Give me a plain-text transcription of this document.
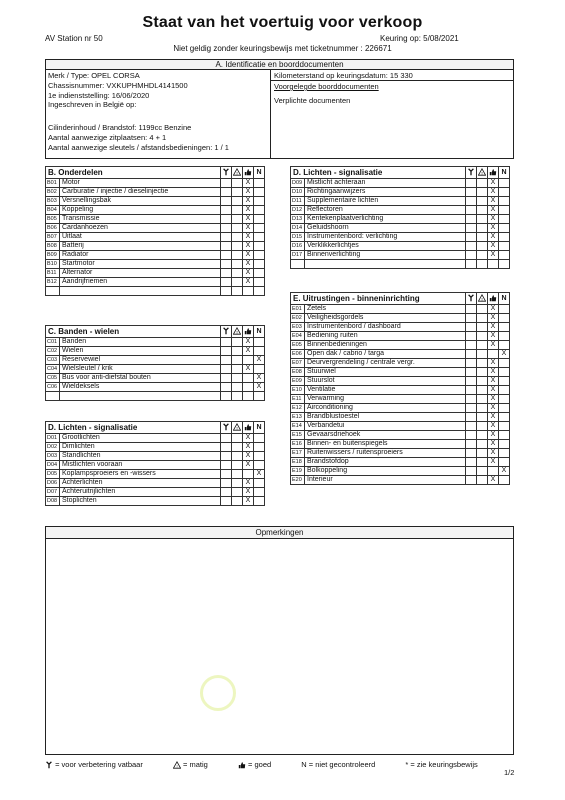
Staat van het voertuig voor verkoop
AV Station nr 50	Keuring op: 5/08/2021
Niet geldig zonder keuringsbewijs met ticketnummer : 226671
A. Identificatie en boorddocumenten
Merk / Type: OPEL CORSA
Chassisnummer: VXKUPHMHDL4141500
1e indienststelling: 16/06/2020
Ingeschreven in België op:
Cilinderinhoud / Brandstof: 1199cc Benzine
Aantal aanwezige zitplaatsen: 4 + 1
Aantal aanwezige sleutels / afstandsbedieningen: 1 / 1
Kilometerstand op keuringsdatum: 15 330
Voorgelegde boorddocumenten
Verplichte documenten
B. Onderdelen			!		N
B01	Motor			X	
B02	Carburatie / injectie / dieselinjectie			X	
B03	Versnellingsbak			X	
B04	Koppeling			X	
B05	Transmissie			X	
B06	Cardanhoezen			X	
B07	Uitlaat			X	
B08	Batterij			X	
B09	Radiator			X	
B10	Startmotor			X	
B11	Alternator			X	
B12	Aandrijfriemen			X	

C. Banden - wielen			!		N
C01	Banden			X	
C02	Wielen			X	
C03	Reservewiel				X
C04	Wielsleutel / krik			X	
C05	Bus voor anti-diefstal bouten				X
C06	Wieldeksels				X

D. Lichten - signalisatie			!		N
D01	Grootlichten			X	
D02	Dimlichten			X	
D03	Standlichten			X	
D04	Mistlichten vooraan			X	
D05	Koplampsproeiers en -wissers				X
D06	Achterlichten			X	
D07	Achteruitrijlichten			X	
D08	Stoplichten			X	
D. Lichten - signalisatie			!		N
D09	Mistlicht achteraan			X	
D10	Richtingaanwijzers			X	
D11	Supplementaire lichten			X	
D12	Reflectoren			X	
D13	Kentekenplaatverlichting			X	
D14	Geluidshoorn			X	
D15	Instrumentenbord: verlichting			X	
D16	Verklikkerlichtjes			X	
D17	Binnenverlichting			X	

E. Uitrustingen - binneninrichting			!		N
E01	Zetels			X	
E02	Veiligheidsgordels			X	
E03	Instrumentenbord / dashboard			X	
E04	Bediening ruiten			X	
E05	Binnenbedieningen			X	
E06	Open dak / cabrio / targa				X
E07	Deurvergrendeling / centrale vergr.			X	
E08	Stuurwiel			X	
E09	Stuurslot			X	
E10	Ventilatie			X	
E11	Verwarming			X	
E12	Airconditioning			X	
E13	Brandblustoestel			X	
E14	Verbandetui			X	
E15	Gevaarsdriehoek			X	
E16	Binnen- en buitenspiegels			X	
E17	Ruitenwissers / ruitensproeiers			X	
E18	Brandstofdop			X	
E19	Bolkoppeling				X
E20	Interieur			X	
Opmerkingen
= voor verbetering vatbaar	! = matig	= goed	N = niet gecontroleerd	* = zie keuringsbewijs
1/2
